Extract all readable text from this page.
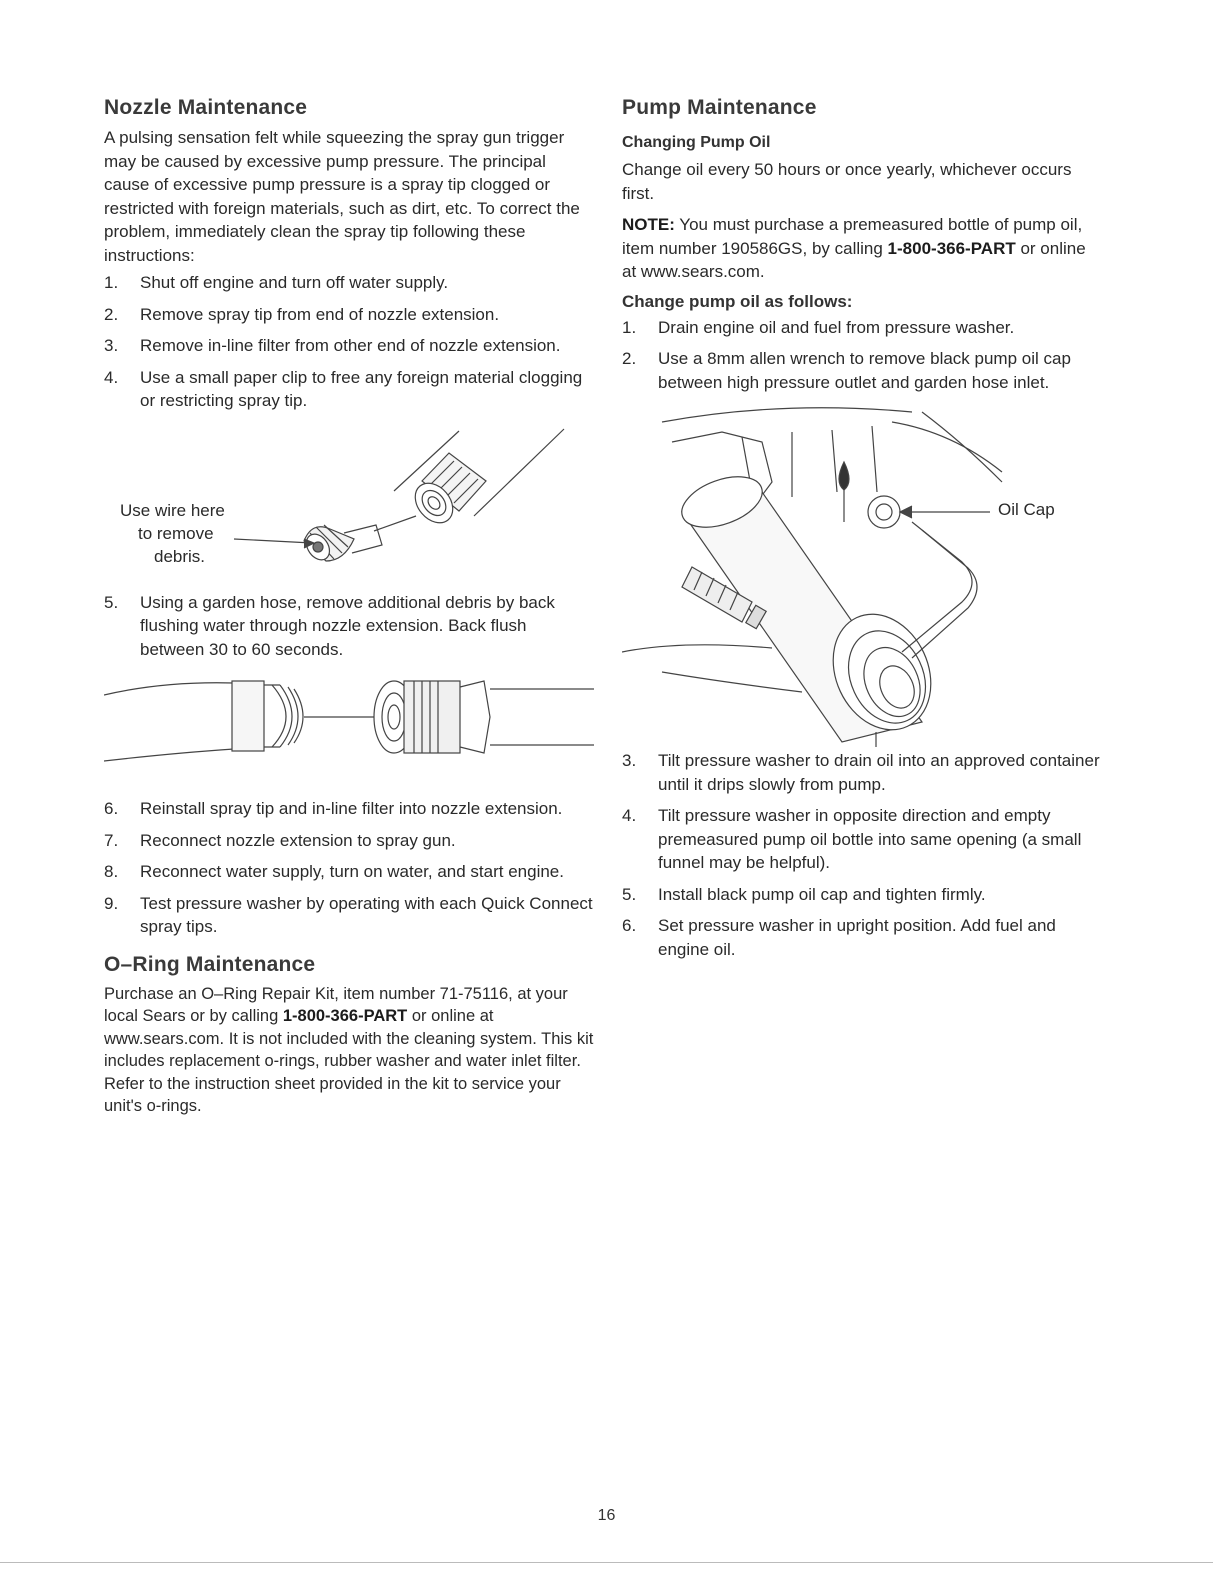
Nozzle Maintenance

A pulsing sensation felt while squeezing the spray gun trigger may be caused by excessive pump pressure. The principal cause of excessive pump pressure is a spray tip clogged or restricted with foreign materials, such as dirt, etc. To correct the problem, immediately clean the spray tip following these instructions:

1. Shut off engine and turn off water supply.
2. Remove spray tip from end of nozzle extension.
3. Remove in-line filter from other end of nozzle extension.
4. Use a small paper clip to free any foreign material clogging or restricting spray tip.
Use wire here
to remove
debris.
5. Using a garden hose, remove additional debris by back flushing water through nozzle extension. Back flush between 30 to 60 seconds.
6. Reinstall spray tip and in-line filter into nozzle extension.
7. Reconnect nozzle extension to spray gun.
8. Reconnect water supply, turn on water, and start engine.
9. Test pressure washer by operating with each Quick Connect spray tips.
O–Ring Maintenance

Purchase an O–Ring Repair Kit, item number 71-75116, at your local Sears or by calling 1-800-366-PART or online at www.sears.com. It is not included with the cleaning system. This kit includes replacement o-rings, rubber washer and water inlet filter. Refer to the instruction sheet provided in the kit to service your unit's o-rings.

Pump Maintenance
Changing Pump Oil

Change oil every 50 hours or once yearly, whichever occurs first.

NOTE: You must purchase a premeasured bottle of pump oil, item number 190586GS, by calling 1-800-366-PART or online at www.sears.com.

Change pump oil as follows:
1. Drain engine oil and fuel from pressure washer.
2. Use a 8mm allen wrench to remove black pump oil cap between high pressure outlet and garden hose inlet.
Oil Cap
3. Tilt pressure washer to drain oil into an approved container until it drips slowly from pump.
4. Tilt pressure washer in opposite direction and empty premeasured pump oil bottle into same opening (a small funnel may be helpful).
5. Install black pump oil cap and tighten firmly.
6. Set pressure washer in upright position. Add fuel and engine oil.
16
